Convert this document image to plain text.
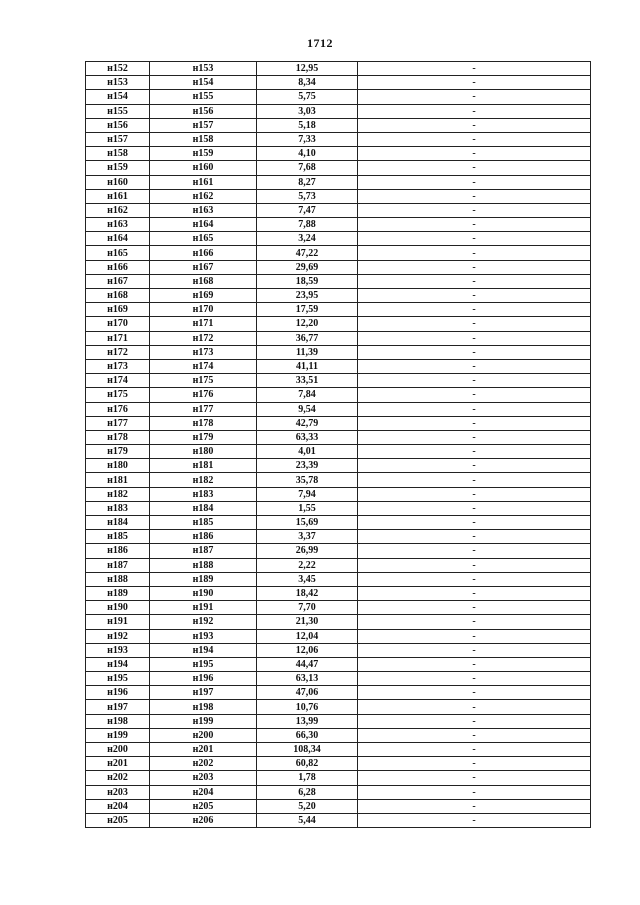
1712
н152	н153	12,95	-
н153	н154	8,34	-
н154	н155	5,75	-
н155	н156	3,03	-
н156	н157	5,18	-
н157	н158	7,33	-
н158	н159	4,10	-
н159	н160	7,68	-
н160	н161	8,27	-
н161	н162	5,73	-
н162	н163	7,47	-
н163	н164	7,88	-
н164	н165	3,24	-
н165	н166	47,22	-
н166	н167	29,69	-
н167	н168	18,59	-
н168	н169	23,95	-
н169	н170	17,59	-
н170	н171	12,20	-
н171	н172	36,77	-
н172	н173	11,39	-
н173	н174	41,11	-
н174	н175	33,51	-
н175	н176	7,84	-
н176	н177	9,54	-
н177	н178	42,79	-
н178	н179	63,33	-
н179	н180	4,01	-
н180	н181	23,39	-
н181	н182	35,78	-
н182	н183	7,94	-
н183	н184	1,55	-
н184	н185	15,69	-
н185	н186	3,37	-
н186	н187	26,99	-
н187	н188	2,22	-
н188	н189	3,45	-
н189	н190	18,42	-
н190	н191	7,70	-
н191	н192	21,30	-
н192	н193	12,04	-
н193	н194	12,06	-
н194	н195	44,47	-
н195	н196	63,13	-
н196	н197	47,06	-
н197	н198	10,76	-
н198	н199	13,99	-
н199	н200	66,30	-
н200	н201	108,34	-
н201	н202	60,82	-
н202	н203	1,78	-
н203	н204	6,28	-
н204	н205	5,20	-
н205	н206	5,44	-
